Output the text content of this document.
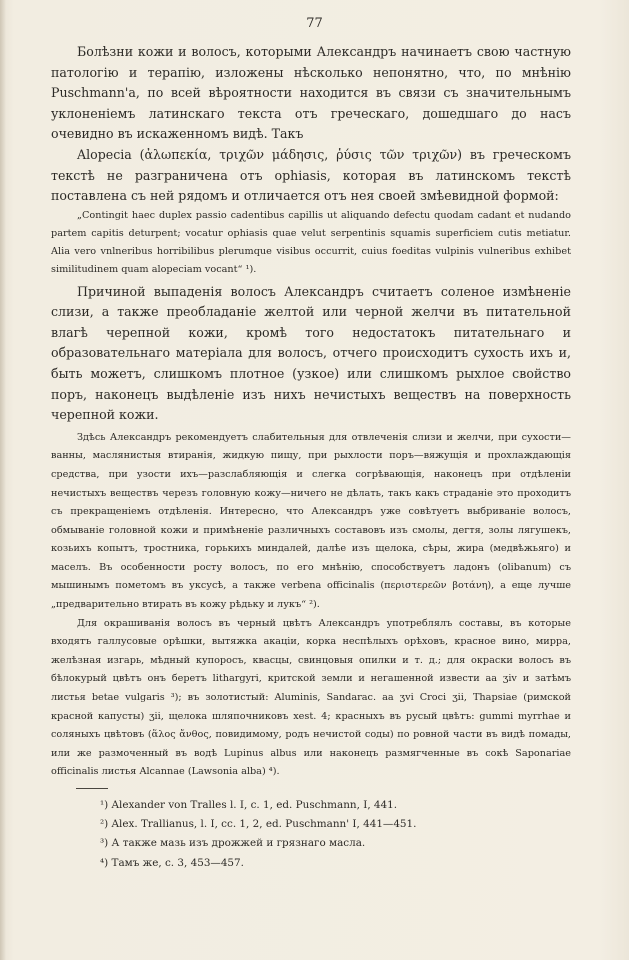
77

Болѣзни кожи и волосъ, которыми Александръ начинаетъ свою частную патологію и терапію, изложены нѣсколько непонятно, что, по мнѣнію Puschmann'a, по всей вѣроятности находится въ связи съ значительнымъ уклоненіемъ латинскаго текста отъ греческаго, дошедшаго до насъ очевидно въ искаженномъ видѣ. Такъ

Alopecia (ἀλωπεκία, τριχῶν μάδησις, ῥύσις τῶν τριχῶν) въ греческомъ текстѣ не разграничена отъ ophiasis, которая въ латинскомъ текстѣ поставлена съ ней рядомъ и отличается отъ нея своей змѣевидной формой:

„Contingit haec duplex passio cadentibus capillis ut aliquando defectu quodam cadant et nudando partem capitis deturpent; vocatur ophiasis quae velut serpentinis squamis superficiem cutis metiatur. Alia vero vnlneribus horribilibus plerumque visibus occurrit, cuius foeditas vulpinis vulneribus exhibet similitudinem quam alopeciam vocant“ ¹).

Причиной выпаденія волосъ Александръ считаетъ соленое измѣненіе слизи, а также преобладаніе желтой или черной желчи въ питательной влагѣ черепной кожи, кромѣ того недостатокъ питательнаго и образовательнаго матеріала для волосъ, отчего происходитъ сухость ихъ и, быть можетъ, слишкомъ плотное (узкое) или слишкомъ рыхлое свойство поръ, наконецъ выдѣленіе изъ нихъ нечистыхъ веществъ на поверхность черепной кожи.

Здѣсь Александръ рекомендуетъ слабительныя для отвлеченія слизи и желчи, при сухости—ванны, маслянистыя втиранія, жидкую пищу, при рыхлости поръ—вяжущія и прохлаждающія средства, при узости ихъ—разслабляющія и слегка согрѣвающія, наконецъ при отдѣленіи нечистыхъ веществъ черезъ головную кожу—ничего не дѣлать, такъ какъ страданіе это проходитъ съ прекращеніемъ отдѣленія. Интересно, что Александръ уже совѣтуетъ выбриваніе волосъ, обмываніе головной кожи и примѣненіе различныхъ составовъ изъ смолы, дегтя, золы лягушекъ, козьихъ копытъ, тростника, горькихъ миндалей, далѣе изъ щелока, сѣры, жира (медвѣжьяго) и маселъ. Въ особенности росту волосъ, по его мнѣнію, способствуетъ ладонъ (olibanum) съ мышинымъ пометомъ въ уксусѣ, а также verbena officinalis (περιστερεῶν βοτάνη), а еще лучше „предварительно втирать въ кожу рѣдьку и лукъ“ ²).

Для окрашиванія волосъ въ черный цвѣтъ Александръ употреблялъ составы, въ которые входятъ галлусовые орѣшки, вытяжка акаціи, корка неспѣлыхъ орѣховъ, красное вино, мирра, желѣзная изгарь, мѣдный купоросъ, квасцы, свинцовыя опилки и т. д.; для окраски волосъ въ бѣлокурый цвѣтъ онъ беретъ lithargyri, критской земли и негашенной извести аа ʒiv и затѣмъ листья betae vulgaris ³); въ золотистый: Aluminis, Sandarac. аа ʒvi Croci ʒii, Thapsiae (римской красной капусты) ʒii, щелока шляпочниковъ xest. 4; красныхъ въ русый цвѣтъ: gummi myrrhae и соляныхъ цвѣтовъ (ἅλος ἄνθος, повидимому, родъ нечистой соды) по ровной части въ видѣ помады, или же размоченный въ водѣ Lupinus albus или наконецъ размягченные въ сокѣ Saponariae officinalis листья Alcannae (Lawsonia alba) ⁴).

¹) Alexander von Tralles l. I, c. 1, ed. Puschmann, I, 441.
²) Alex. Trallianus, l. I, cc. 1, 2, ed. Puschmann' I, 441—451.
³) А также мазь изъ дрожжей и грязнаго масла.
⁴) Тамъ же, с. 3, 453—457.
